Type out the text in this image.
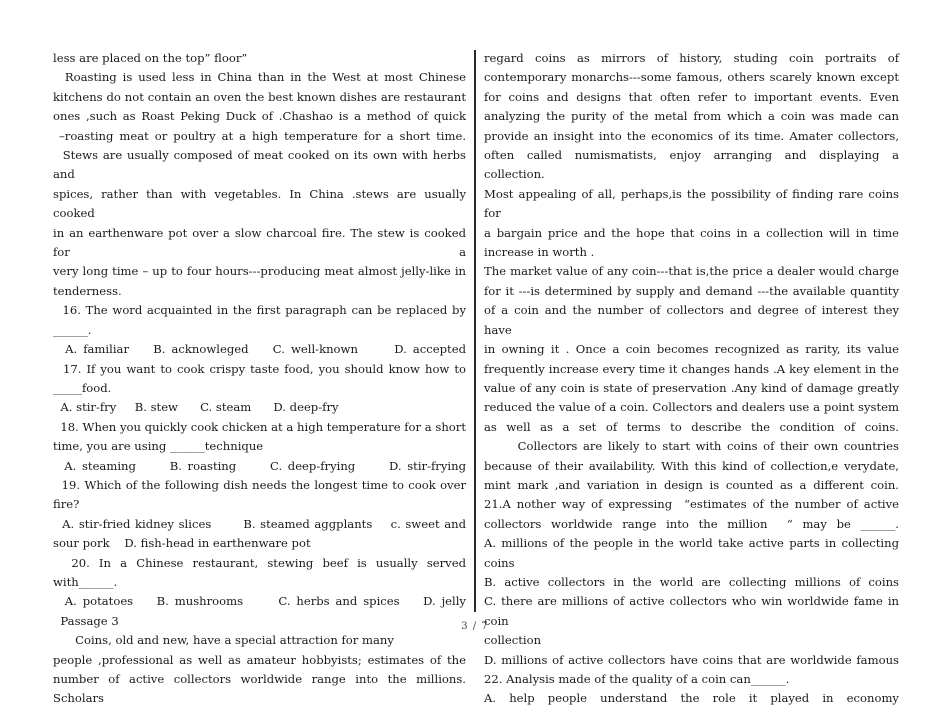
less are placed on the top” floor”

Roasting is used less in China than in the West at most Chinese

kitchens do not contain an oven the best known dishes are restaurant

ones ,such as Roast Peking Duck of .Chashao is a method of quick

–roasting meat or poultry at a high temperature for a short time.

Stews are usually composed of meat cooked on its own with herbs and

spices, rather than with vegetables. In China .stews are usually cooked

in an earthenware pot over a slow charcoal fire. The stew is cooked for a

very long time – up to four hours---producing meat almost jelly-like in

tenderness.

16. The word acquainted in the first paragraph can be replaced by

______.

A. familiar    B. acknowleged    C. well-known      D. accepted

17. If you want to cook crispy taste food, you should know how to

_____food.

A. stir-fry     B. stew      C. steam      D. deep-fry

18. When you quickly cook chicken at a high temperature for a short

time, you are using ______technique

A. steaming      B. roasting      C. deep-frying      D. stir-frying

19. Which of the following dish needs the longest time to cook over

fire?

A. stir-fried kidney slices       B. steamed aggplants    c. sweet and

sour pork    D. fish-head in earthenware pot

20. In a Chinese restaurant, stewing beef is usually served with______.

A. potatoes    B. mushrooms      C. herbs and spices    D. jelly

Passage 3

Coins, old and new, have a special attraction for many

people ,professional as well as amateur hobbyists; estimates of the

number of active collectors worldwide range into the millions. Scholars

regard coins as mirrors of history, studing coin portraits of

contemporary monarchs---some famous, others scarely known except

for coins and designs that often refer to important events. Even

analyzing the purity of the metal from which a coin was made can

provide an insight into the economics of its time. Amater collectors,

often called numismatists, enjoy arranging and displaying a collection.

Most appealing of all, perhaps,is the possibility of finding rare coins for

a bargain price and the hope that coins in a collection will in time

increase in worth .

The market value of any coin---that is,the price a dealer would charge

for it ---is determined by supply and demand ---the available quantity

of a coin and the number of collectors and degree of interest they have

in owning it . Once a coin becomes recognized as rarity, its value

frequently increase every time it changes hands .A key element in the

value of any coin is state of preservation .Any kind of damage greatly

reduced the value of a coin. Collectors and dealers use a point system

as well as a set of terms to describe the condition of coins.

Collectors are likely to start with coins of their own countries

because of their availability. With this kind of collection,e verydate,

mint mark ,and variation in design is counted as a different coin.

21.A nother way of expressing  “estimates of the number of active

collectors worldwide range into the million  “ may be ______.

A. millions of the people in the world take active parts in collecting coins

B. active collectors in the world are collecting millions of coins

C. there are millions of active collectors who win worldwide fame in coin

collection

D. millions of active collectors have coins that are worldwide famous

22. Analysis made of the quality of a coin can______.

A. help people understand the role it played in economy

3 / 7
